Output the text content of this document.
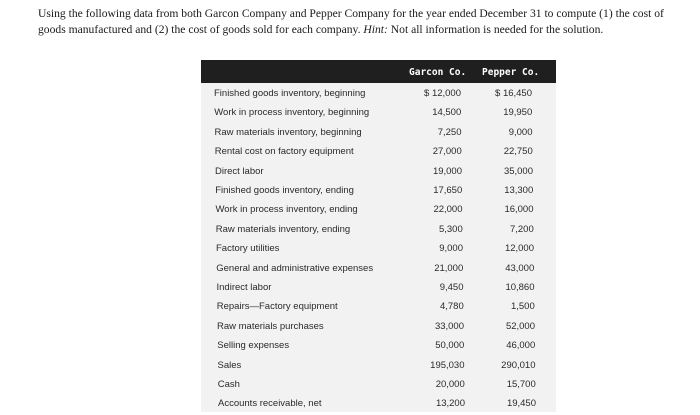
Using the following data from both Garcon Company and Pepper Company for the year ended December 31 to compute (1) the cost of goods manufactured and (2) the cost of goods sold for each company. Hint: Not all information is needed for the solution.
Garcon Co. Pepper Co.
Finished goods inventory, beginning	$ 12,000	$ 16,450
Work in process inventory, beginning	14,500	19,950
Raw materials inventory, beginning	7,250	9,000
Rental cost on factory equipment	27,000	22,750
Direct labor	19,000	35,000
Finished goods inventory, ending	17,650	13,300
Work in process inventory, ending	22,000	16,000
Raw materials inventory, ending	5,300	7,200
Factory utilities	9,000	12,000
General and administrative expenses	21,000	43,000
Indirect labor	9,450	10,860
Repairs—Factory equipment	4,780	1,500
Raw materials purchases	33,000	52,000
Selling expenses	50,000	46,000
Sales	195,030	290,010
Cash	20,000	15,700
Accounts receivable, net	13,200	19,450
